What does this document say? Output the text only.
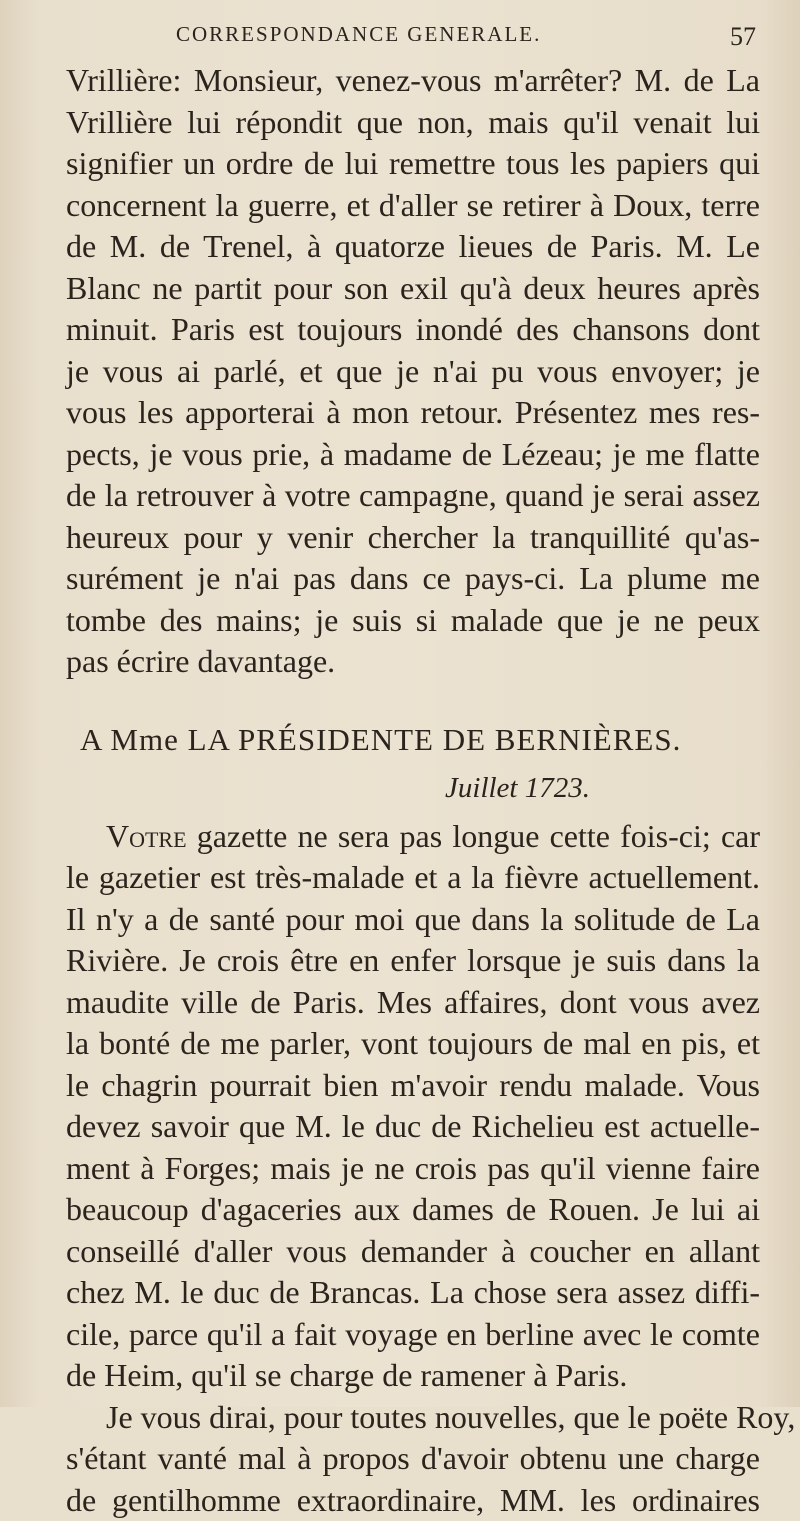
CORRESPONDANCE GENERALE.	57

Vrillière: Monsieur, venez-vous m'arrêter? M. de La
Vrillière lui répondit que non, mais qu'il venait lui
signifier un ordre de lui remettre tous les papiers qui
concernent la guerre, et d'aller se retirer à Doux, terre
de M. de Trenel, à quatorze lieues de Paris. M. Le
Blanc ne partit pour son exil qu'à deux heures après
minuit. Paris est toujours inondé des chansons dont
je vous ai parlé, et que je n'ai pu vous envoyer; je
vous les apporterai à mon retour. Présentez mes res-
pects, je vous prie, à madame de Lézeau; je me flatte
de la retrouver à votre campagne, quand je serai assez
heureux pour y venir chercher la tranquillité qu'as-
surément je n'ai pas dans ce pays-ci. La plume me
tombe des mains; je suis si malade que je ne peux
pas écrire davantage.

A Mme LA PRÉSIDENTE DE BERNIÈRES.
Juillet 1723.

Votre gazette ne sera pas longue cette fois-ci; car
le gazetier est très-malade et a la fièvre actuellement.
Il n'y a de santé pour moi que dans la solitude de La
Rivière. Je crois être en enfer lorsque je suis dans la
maudite ville de Paris. Mes affaires, dont vous avez
la bonté de me parler, vont toujours de mal en pis, et
le chagrin pourrait bien m'avoir rendu malade. Vous
devez savoir que M. le duc de Richelieu est actuelle-
ment à Forges; mais je ne crois pas qu'il vienne faire
beaucoup d'agaceries aux dames de Rouen. Je lui ai
conseillé d'aller vous demander à coucher en allant
chez M. le duc de Brancas. La chose sera assez diffi-
cile, parce qu'il a fait voyage en berline avec le comte
de Heim, qu'il se charge de ramener à Paris.

Je vous dirai, pour toutes nouvelles, que le poëte Roy,
s'étant vanté mal à propos d'avoir obtenu une charge
de gentilhomme extraordinaire, MM. les ordinaires
